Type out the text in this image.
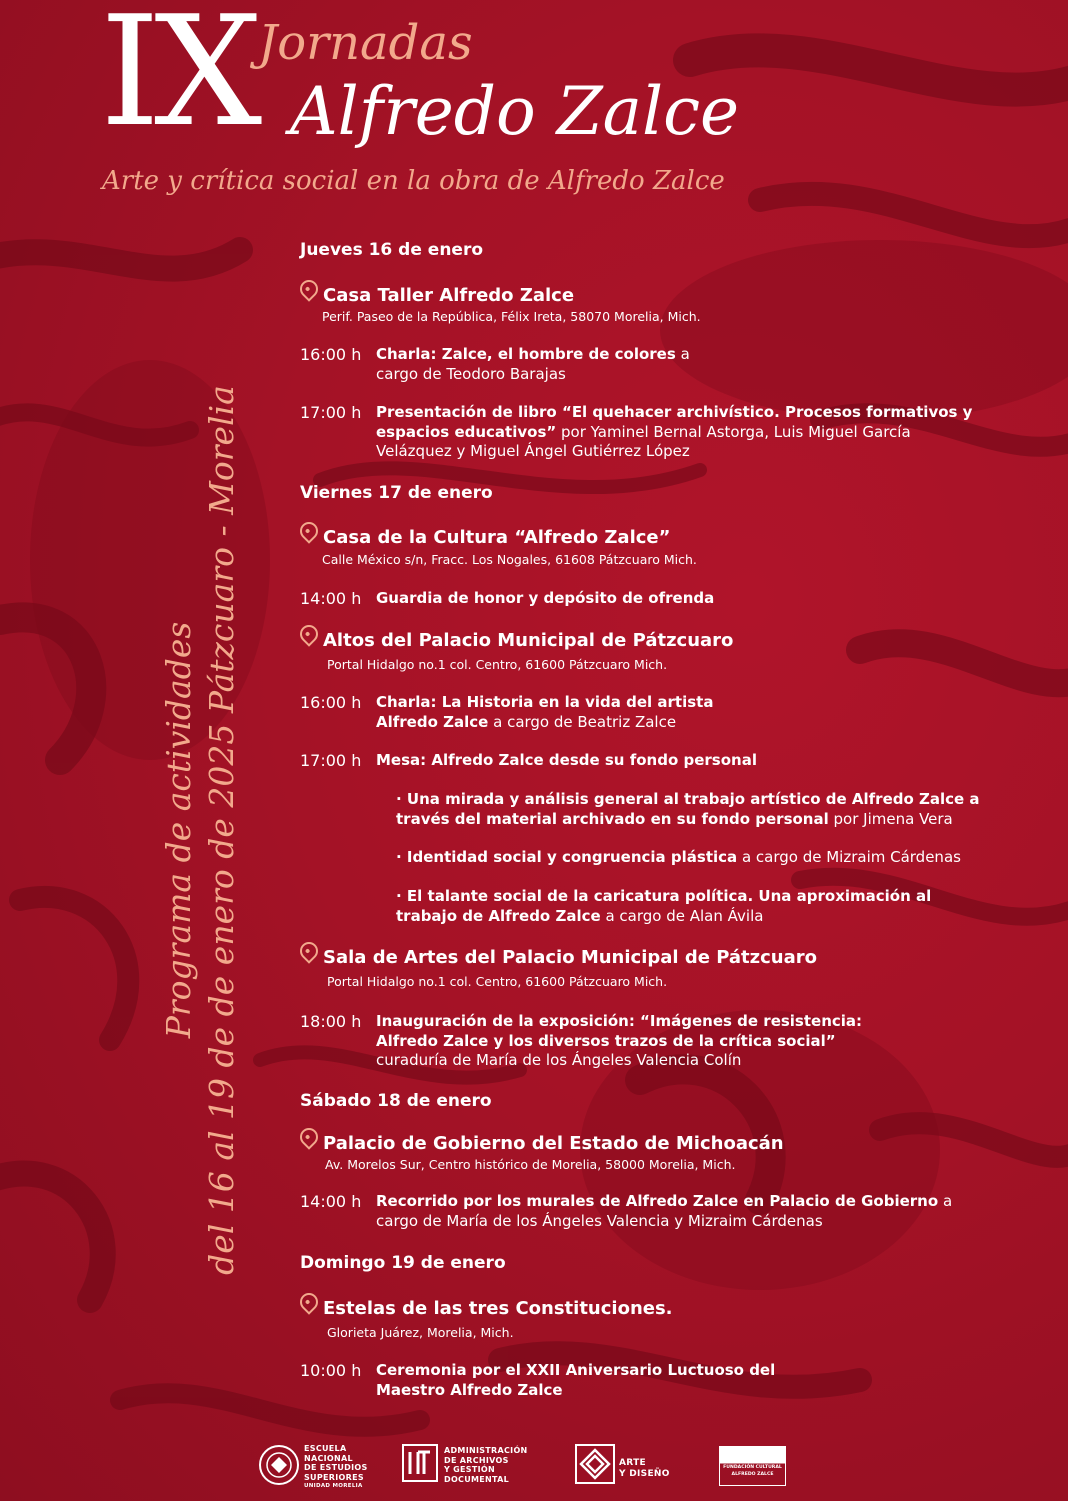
IX Jornadas
Alfredo Zalce
Arte y crítica social en la obra de Alfredo Zalce
Programa de actividades del 16 al 19 de de enero de 2025 Pátzcuaro - Morelia
Jueves 16 de enero
Casa Taller Alfredo Zalce
Perif. Paseo de la República, Félix Ireta, 58070 Morelia, Mich.
16:00 h Charla: Zalce, el hombre de colores a cargo de Teodoro Barajas
17:00 h Presentación de libro “El quehacer archivístico. Procesos formativos y espacios educativos” por Yaminel Bernal Astorga, Luis Miguel García Velázquez y Miguel Ángel Gutiérrez López
Viernes 17 de enero
Casa de la Cultura “Alfredo Zalce”
Calle México s/n, Fracc. Los Nogales, 61608 Pátzcuaro Mich.
14:00 h Guardia de honor y depósito de ofrenda
Altos del Palacio Municipal de Pátzcuaro
Portal Hidalgo no.1 col. Centro, 61600 Pátzcuaro Mich.
16:00 h Charla: La Historia en la vida del artista Alfredo Zalce a cargo de Beatriz Zalce
17:00 h Mesa: Alfredo Zalce desde su fondo personal
· Una mirada y análisis general al trabajo artístico de Alfredo Zalce a través del material archivado en su fondo personal por Jimena Vera
· Identidad social y congruencia plástica a cargo de Mizraim Cárdenas
· El talante social de la caricatura política. Una aproximación al trabajo de Alfredo Zalce a cargo de Alan Ávila
Sala de Artes del Palacio Municipal de Pátzcuaro
Portal Hidalgo no.1 col. Centro, 61600 Pátzcuaro Mich.
18:00 h Inauguración de la exposición: “Imágenes de resistencia: Alfredo Zalce y los diversos trazos de la crítica social” curaduría de María de los Ángeles Valencia Colín
Sábado 18 de enero
Palacio de Gobierno del Estado de Michoacán
Av. Morelos Sur, Centro histórico de Morelia, 58000 Morelia, Mich.
14:00 h Recorrido por los murales de Alfredo Zalce en Palacio de Gobierno a cargo de María de los Ángeles Valencia y Mizraim Cárdenas
Domingo 19 de enero
Estelas de las tres Constituciones.
Glorieta Juárez, Morelia, Mich.
10:00 h Ceremonia por el XXII Aniversario Luctuoso del Maestro Alfredo Zalce
ESCUELA
NACIONAL
DE ESTUDIOS
SUPERIORES
UNIDAD MORELIA
ADMINISTRACIÓN
DE ARCHIVOS
Y GESTIÓN
DOCUMENTAL
ARTE
Y DISEÑO
FUNDACIÓN CULTURAL
ALFREDO ZALCE
